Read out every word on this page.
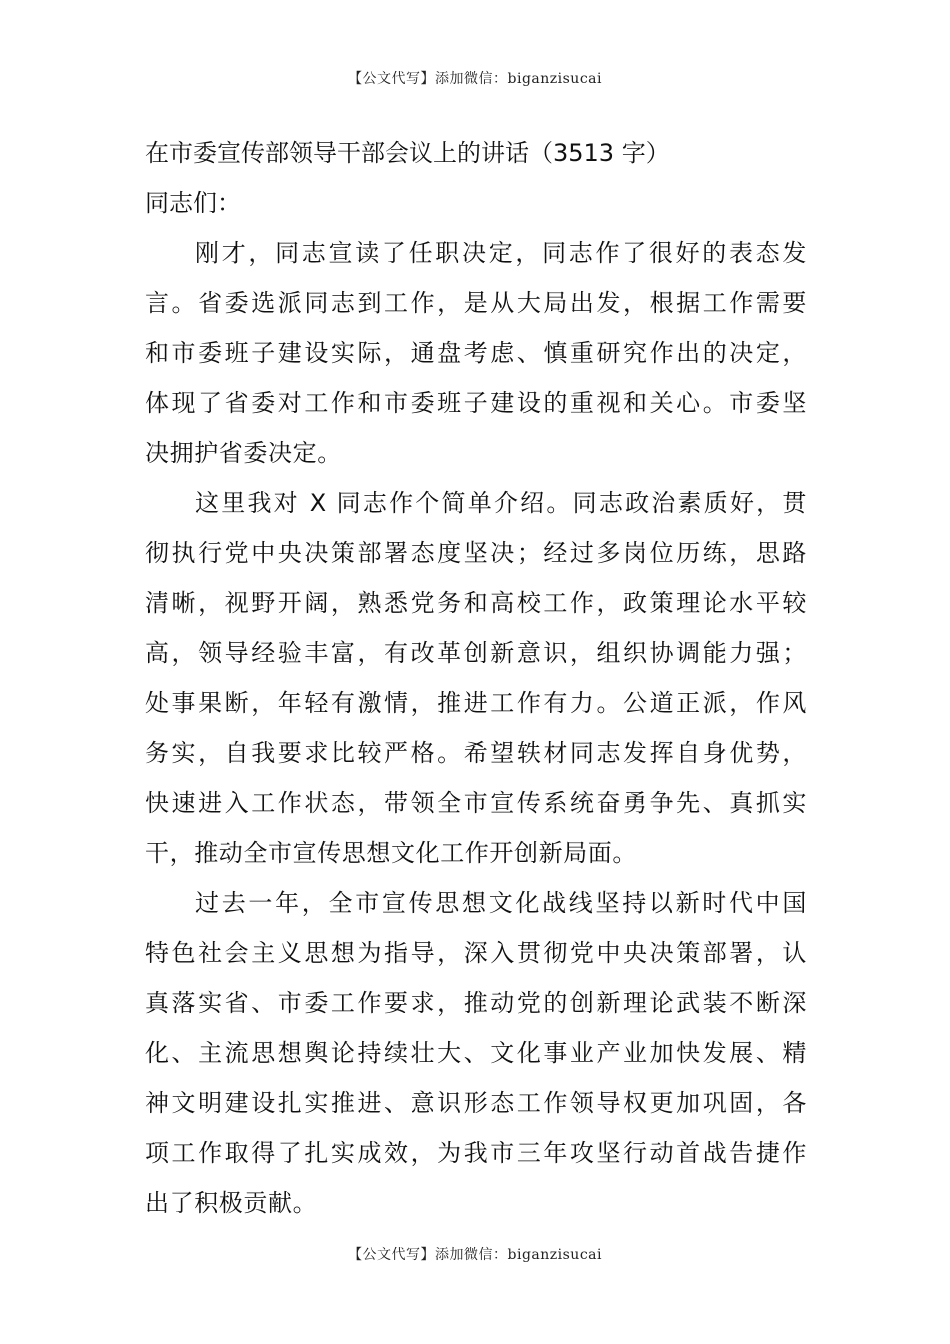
【公文代写】添加微信：biganzisucai
在市委宣传部领导干部会议上的讲话（3513 字）
同志们：
刚才，同志宣读了任职决定，同志作了很好的表态发
言。省委选派同志到工作，是从大局出发，根据工作需要
和市委班子建设实际，通盘考虑、慎重研究作出的决定，
体现了省委对工作和市委班子建设的重视和关心。市委坚
决拥护省委决定。
这里我对 X 同志作个简单介绍。同志政治素质好，贯
彻执行党中央决策部署态度坚决；经过多岗位历练，思路
清晰，视野开阔，熟悉党务和高校工作，政策理论水平较
高，领导经验丰富，有改革创新意识，组织协调能力强；
处事果断，年轻有激情，推进工作有力。公道正派，作风
务实，自我要求比较严格。希望轶材同志发挥自身优势，
快速进入工作状态，带领全市宣传系统奋勇争先、真抓实
干，推动全市宣传思想文化工作开创新局面。
过去一年，全市宣传思想文化战线坚持以新时代中国
特色社会主义思想为指导，深入贯彻党中央决策部署，认
真落实省、市委工作要求，推动党的创新理论武装不断深
化、主流思想舆论持续壮大、文化事业产业加快发展、精
神文明建设扎实推进、意识形态工作领导权更加巩固，各
项工作取得了扎实成效，为我市三年攻坚行动首战告捷作
出了积极贡献。
【公文代写】添加微信：biganzisucai
